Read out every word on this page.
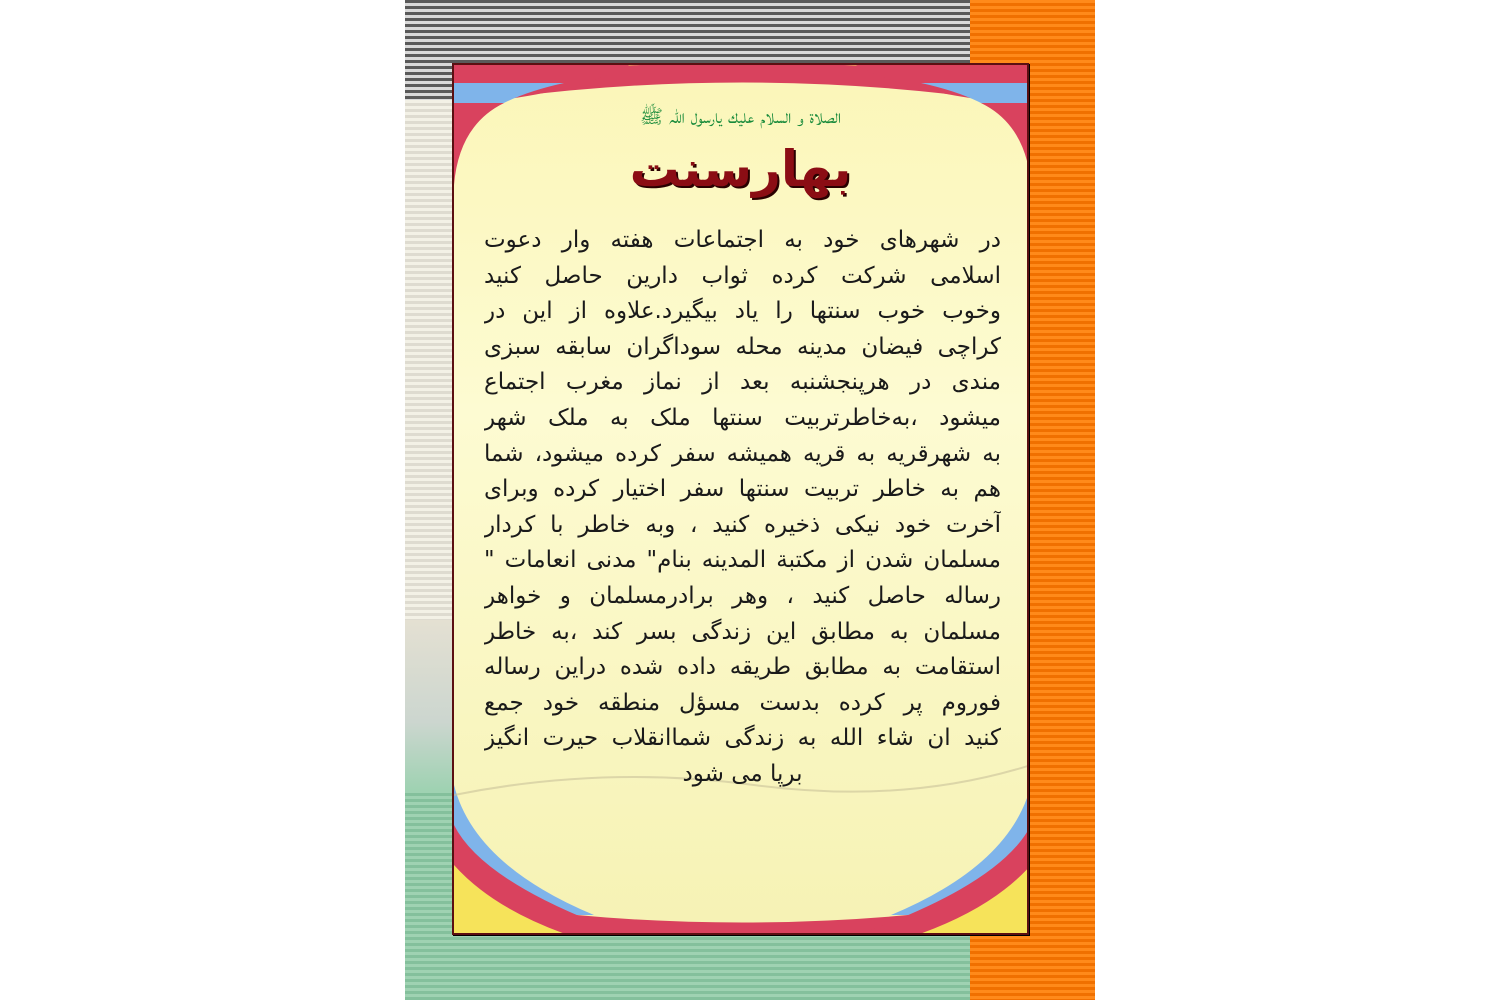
الصلاۃ و السلام علیك یارسول اللہ ﷺ
بهارسنت
در شهرهای خود به اجتماعات هفته وار دعوت
اسلامی شرکت کرده ثواب دارین حاصل کنید
وخوب خوب سنتها را یاد بیگیرد.علاوه از این در
کراچی فیضان مدینه محله سوداگران سابقه سبزی
مندی در هرپنجشنبه بعد از نماز مغرب اجتماع
میشود ،به‌خاطرتربیت سنتها ملک به ملک شهر
به شهرقریه به قریه همیشه سفر کرده میشود، شما
هم به خاطر تربیت سنتها سفر اختیار کرده وبرای
آخرت خود نیکی ذخیره کنید ، وبه خاطر با کردار
مسلمان شدن از مکتبة المدینه بنام" مدنی انعامات "
رساله حاصل کنید ، وهر برادرمسلمان و خواهر
مسلمان به مطابق این زندگی بسر کند ،به خاطر
استقامت به مطابق طریقه داده شده دراین رساله
فوروم پر کرده بدست مسؤل منطقه خود جمع
کنید ان شاء الله به زندگی شماانقلاب حیرت انگیز
برپا می شود
